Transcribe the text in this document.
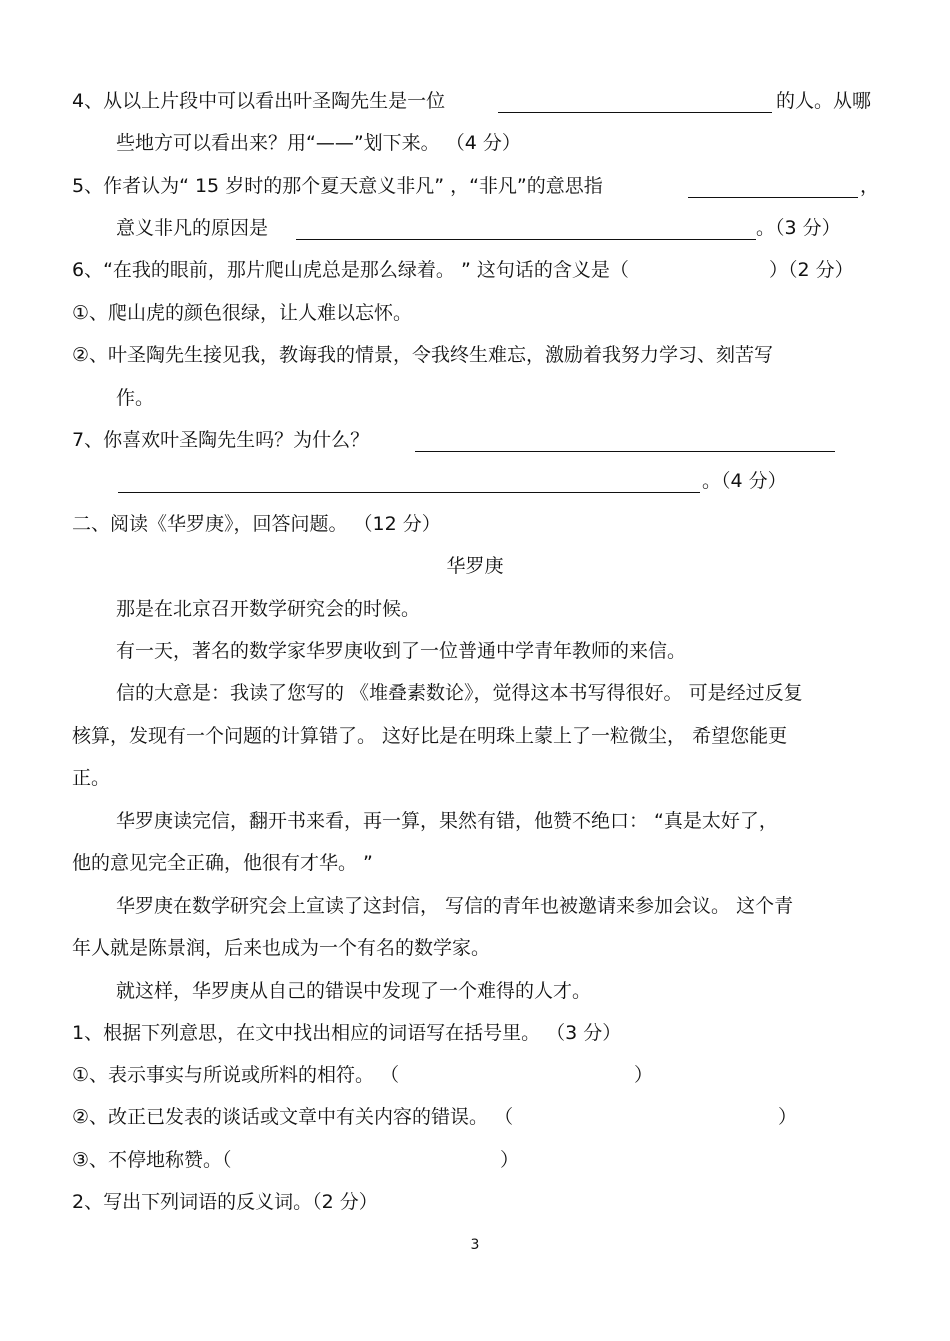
4、从以上片段中可以看出叶圣陶先生是一位	的人。从哪
些地方可以看出来？用“——”划下来。 （4 分）
5、作者认为“ 15 岁时的那个夏天意义非凡” ，“非凡”的意思指	，
意义非凡的原因是	。（3 分）
6、“在我的眼前，那片爬山虎总是那么绿着。 ” 这句话的含义是（	）（2 分）
①、爬山虎的颜色很绿，让人难以忘怀。
②、叶圣陶先生接见我，教诲我的情景，令我终生难忘，激励着我努力学习、刻苦写
作。
7、你喜欢叶圣陶先生吗？为什么？
。（4 分）
二、阅读《华罗庚》，回答问题。 （12 分）
华罗庚
那是在北京召开数学研究会的时候。
有一天，著名的数学家华罗庚收到了一位普通中学青年教师的来信。
信的大意是：我读了您写的 《堆叠素数论》，觉得这本书写得很好。 可是经过反复
核算，发现有一个问题的计算错了。 这好比是在明珠上蒙上了一粒微尘， 希望您能更
正。
华罗庚读完信，翻开书来看，再一算，果然有错，他赞不绝口： “真是太好了，
他的意见完全正确，他很有才华。 ”
华罗庚在数学研究会上宣读了这封信， 写信的青年也被邀请来参加会议。 这个青
年人就是陈景润，后来也成为一个有名的数学家。
就这样，华罗庚从自己的错误中发现了一个难得的人才。
1、根据下列意思，在文中找出相应的词语写在括号里。 （3 分）
①、表示事实与所说或所料的相符。 （	）
②、改正已发表的谈话或文章中有关内容的错误。 （	）
③、不停地称赞。（	）
2、写出下列词语的反义词。（2 分）
3
